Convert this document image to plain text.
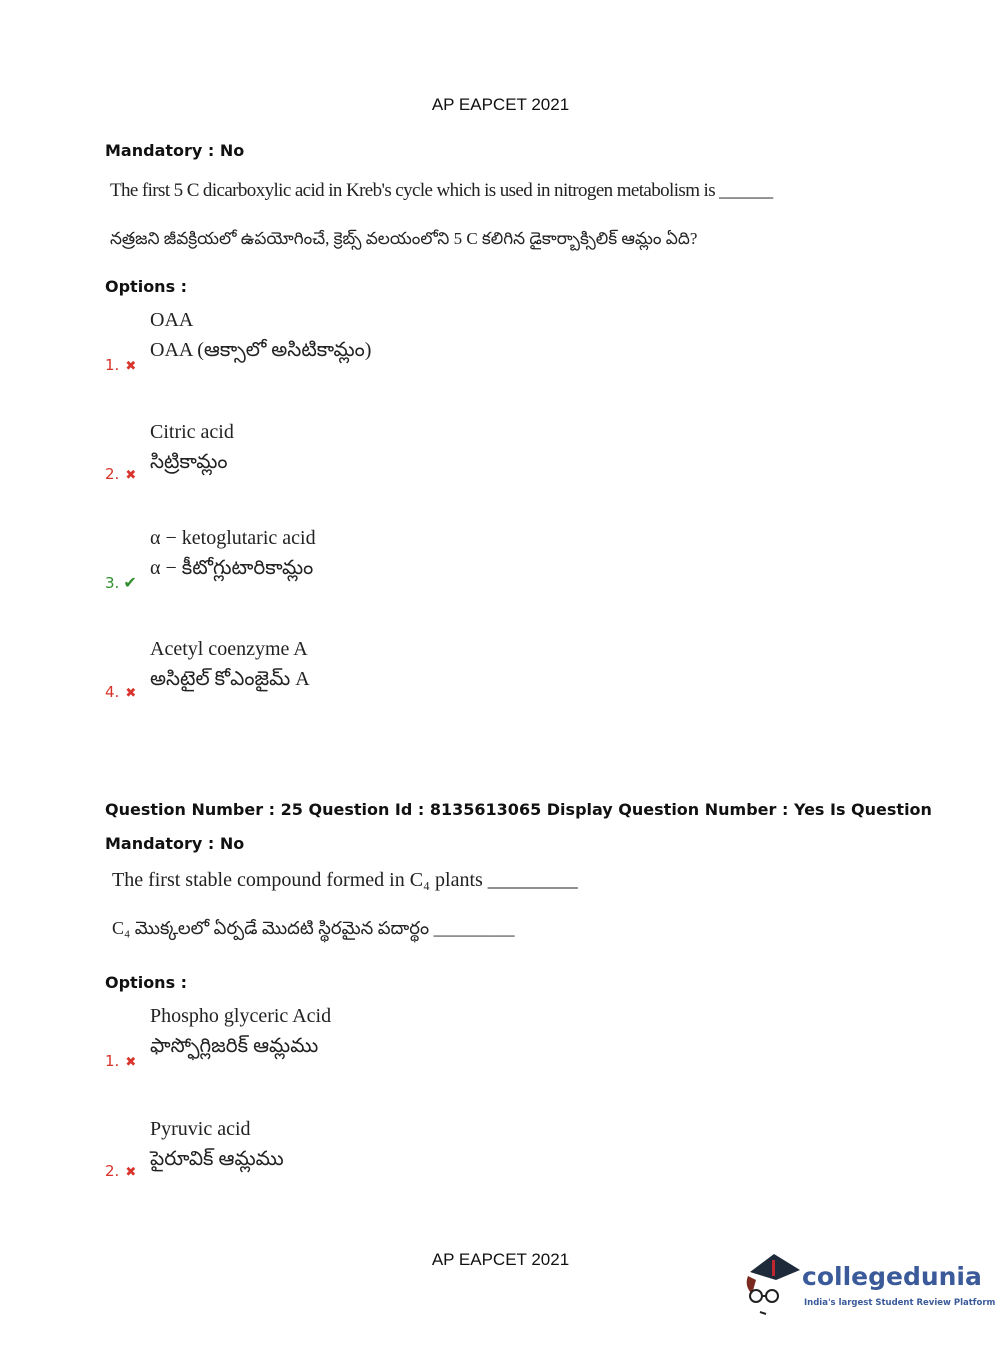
AP EAPCET 2021
Mandatory : No
The first 5 C dicarboxylic acid in Kreb's cycle which is used in nitrogen metabolism is ______
నత్రజని జీవక్రియలో ఉపయోగించే, క్రెబ్స్ వలయంలోని 5 C కలిగిన డైకార్బాక్సిలిక్ ఆమ్లం ఏది?
Options :
OAA
OAA (ఆక్సాలో అసిటికామ్లం)
1. ✖
Citric acid
సిట్రికామ్లం
2. ✖
α − ketoglutaric acid
α − కీటోగ్లుటారికామ్లం
3. ✔
Acetyl coenzyme A
అసిటైల్ కోఎంజైమ్ A
4. ✖
Question Number : 25 Question Id : 8135613065 Display Question Number : Yes Is Question
Mandatory : No
The first stable compound formed in C₄ plants _________
C₄ మొక్కలలో ఏర్పడే మొదటి స్థిరమైన పదార్థం _________
Options :
Phospho glyceric Acid
ఫాస్ఫోగ్లిజరిక్ ఆమ్లము
1. ✖
Pyruvic acid
పైరూవిక్ ఆమ్లము
2. ✖
AP EAPCET 2021
collegedunia
India's largest Student Review Platform
